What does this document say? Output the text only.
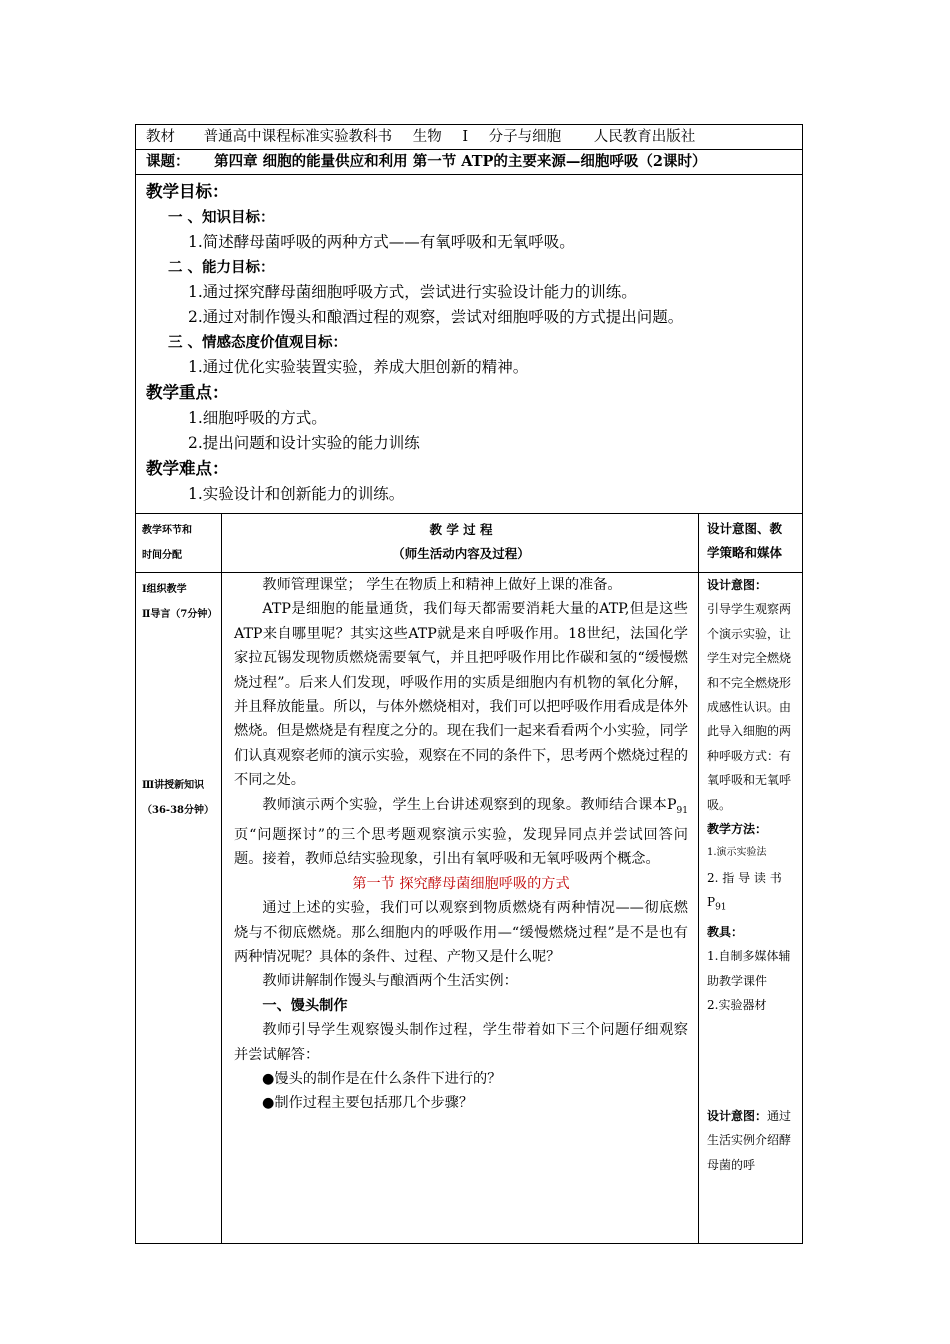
教材 普通高中课程标准实验教科书 生物 Ⅰ 分子与细胞 人民教育出版社
课题： 第四章 细胞的能量供应和利用 第一节 ATP的主要来源—细胞呼吸（2课时）
教学目标：
一 、知识目标：
1.简述酵母菌呼吸的两种方式——有氧呼吸和无氧呼吸。
二 、能力目标：
1.通过探究酵母菌细胞呼吸方式，尝试进行实验设计能力的训练。
2.通过对制作馒头和酿酒过程的观察，尝试对细胞呼吸的方式提出问题。
三 、情感态度价值观目标：
1.通过优化实验装置实验，养成大胆创新的精神。
教学重点：
1.细胞呼吸的方式。
2.提出问题和设计实验的能力训练
教学难点：
1.实验设计和创新能力的训练。
教学环节和
时间分配
教 学 过 程
（师生活动内容及过程）
设计意图、教
学策略和媒体
Ⅰ组织教学
Ⅱ导言（7分钟）
Ⅲ讲授新知识（36-38分钟）
教师管理课堂； 学生在物质上和精神上做好上课的准备。
ATP是细胞的能量通货，我们每天都需要消耗大量的ATP,但是这些ATP来自哪里呢？其实这些ATP就是来自呼吸作用。18世纪，法国化学家拉瓦锡发现物质燃烧需要氧气，并且把呼吸作用比作碳和氢的“缓慢燃烧过程”。后来人们发现，呼吸作用的实质是细胞内有机物的氧化分解，并且释放能量。所以，与体外燃烧相对，我们可以把呼吸作用看成是体外燃烧。但是燃烧是有程度之分的。现在我们一起来看看两个小实验，同学们认真观察老师的演示实验，观察在不同的条件下，思考两个燃烧过程的不同之处。
教师演示两个实验，学生上台讲述观察到的现象。教师结合课本$P_{91}$页“问题探讨”的三个思考题观察演示实验，发现异同点并尝试回答问题。接着，教师总结实验现象，引出有氧呼吸和无氧呼吸两个概念。
第一节 探究酵母菌细胞呼吸的方式
通过上述的实验，我们可以观察到物质燃烧有两种情况——彻底燃烧与不彻底燃烧。那么细胞内的呼吸作用—“缓慢燃烧过程”是不是也有两种情况呢？具体的条件、过程、产物又是什么呢？
教师讲解制作馒头与酿酒两个生活实例：
一、馒头制作
教师引导学生观察馒头制作过程，学生带着如下三个问题仔细观察并尝试解答：
●馒头的制作是在什么条件下进行的？
●制作过程主要包括那几个步骤？
设计意图：
引导学生观察两个演示实验，让学生对完全燃烧和不完全燃烧形成感性认识。由此导入细胞的两种呼吸方式：有氧呼吸和无氧呼吸。
教学方法：
1.演示实验法
2. 指 导 读 书 $P_{91}$
教具：
1.自制多媒体辅助教学课件
2.实验器材
设计意图：通过生活实例介绍酵母菌的呼
